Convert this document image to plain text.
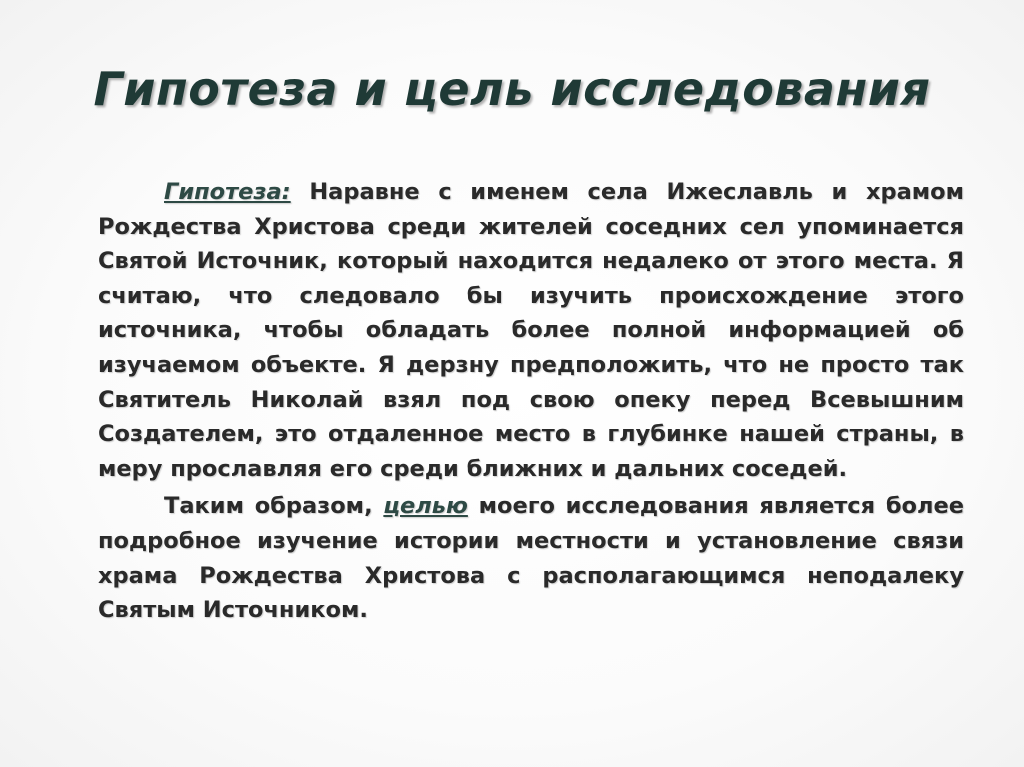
Гипотеза и цель исследования

Гипотеза: Наравне с именем села Ижеславль и храмом Рождества Христова среди жителей соседних сел упоминается Святой Источник, который находится недалеко от этого места. Я считаю, что следовало бы изучить происхождение этого источника, чтобы обладать более полной информацией об изучаемом объекте. Я дерзну предположить, что не просто так Святитель Николай взял под свою опеку перед Всевышним Создателем, это отдаленное место в глубинке нашей страны, в меру прославляя его среди ближних и дальних соседей.

Таким образом, целью моего исследования является более подробное изучение истории местности и установление связи храма Рождества Христова с располагающимся неподалеку Святым Источником.
